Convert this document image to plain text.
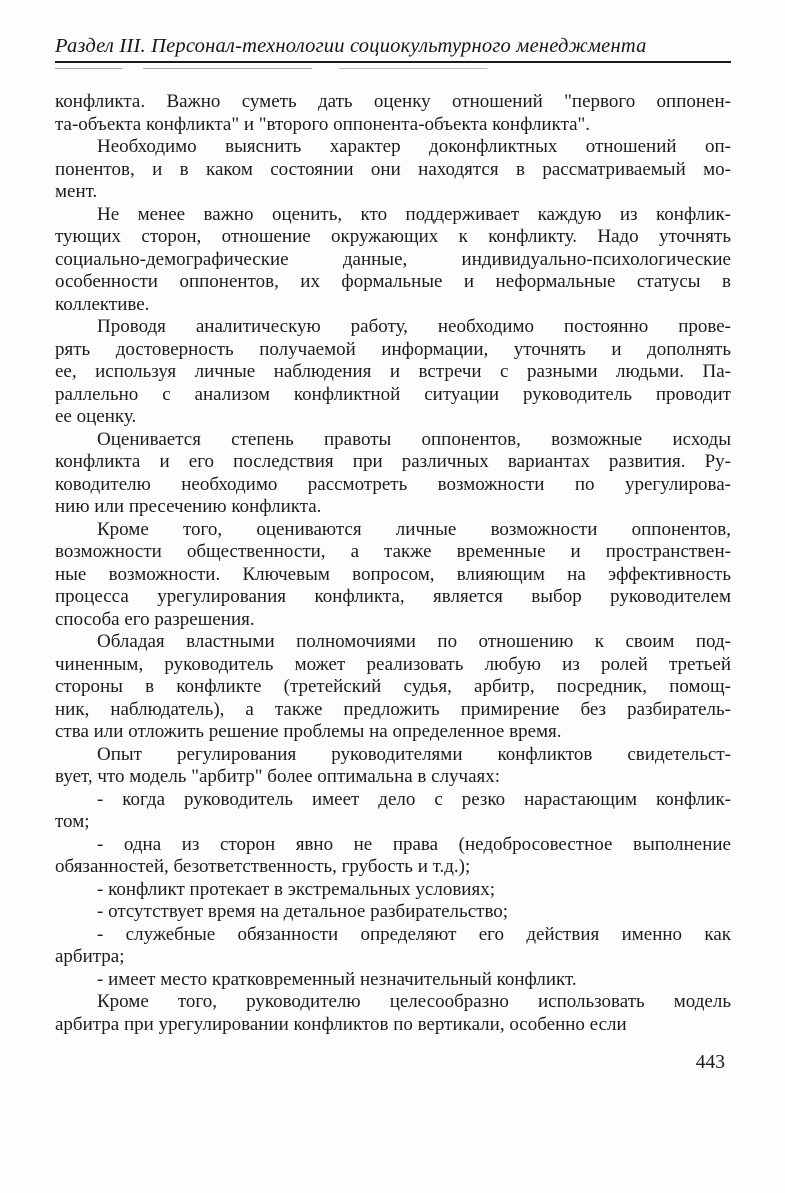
Раздел III. Персонал-технологии социокультурного менеджмента
конфликта. Важно суметь дать оценку отношений "первого оппонен-
та-объекта конфликта" и "второго оппонента-объекта конфликта".
Необходимо выяснить характер доконфликтных отношений оп-
понентов, и в каком состоянии они находятся в рассматриваемый мо-
мент.
Не менее важно оценить, кто поддерживает каждую из конфлик-
тующих сторон, отношение окружающих к конфликту. Надо уточнять
социально-демографические данные, индивидуально-психологические
особенности оппонентов, их формальные и неформальные статусы в
коллективе.
Проводя аналитическую работу, необходимо постоянно прове-
рять достоверность получаемой информации, уточнять и дополнять
ее, используя личные наблюдения и встречи с разными людьми. Па-
раллельно с анализом конфликтной ситуации руководитель проводит
ее оценку.
Оценивается степень правоты оппонентов, возможные исходы
конфликта и его последствия при различных вариантах развития. Ру-
ководителю необходимо рассмотреть возможности по урегулирова-
нию или пресечению конфликта.
Кроме того, оцениваются личные возможности оппонентов,
возможности общественности, а также временные и пространствен-
ные возможности. Ключевым вопросом, влияющим на эффективность
процесса урегулирования конфликта, является выбор руководителем
способа его разрешения.
Обладая властными полномочиями по отношению к своим под-
чиненным, руководитель может реализовать любую из ролей третьей
стороны в конфликте (третейский судья, арбитр, посредник, помощ-
ник, наблюдатель), а также предложить примирение без разбиратель-
ства или отложить решение проблемы на определенное время.
Опыт регулирования руководителями конфликтов свидетельст-
вует, что модель "арбитр" более оптимальна в случаях:
- когда руководитель имеет дело с резко нарастающим конфлик-
том;
- одна из сторон явно не права (недобросовестное выполнение
обязанностей, безответственность, грубость и т.д.);
- конфликт протекает в экстремальных условиях;
- отсутствует время на детальное разбирательство;
- служебные обязанности определяют его действия именно как
арбитра;
- имеет место кратковременный незначительный конфликт.
Кроме того, руководителю целесообразно использовать модель
арбитра при урегулировании конфликтов по вертикали, особенно если
443
